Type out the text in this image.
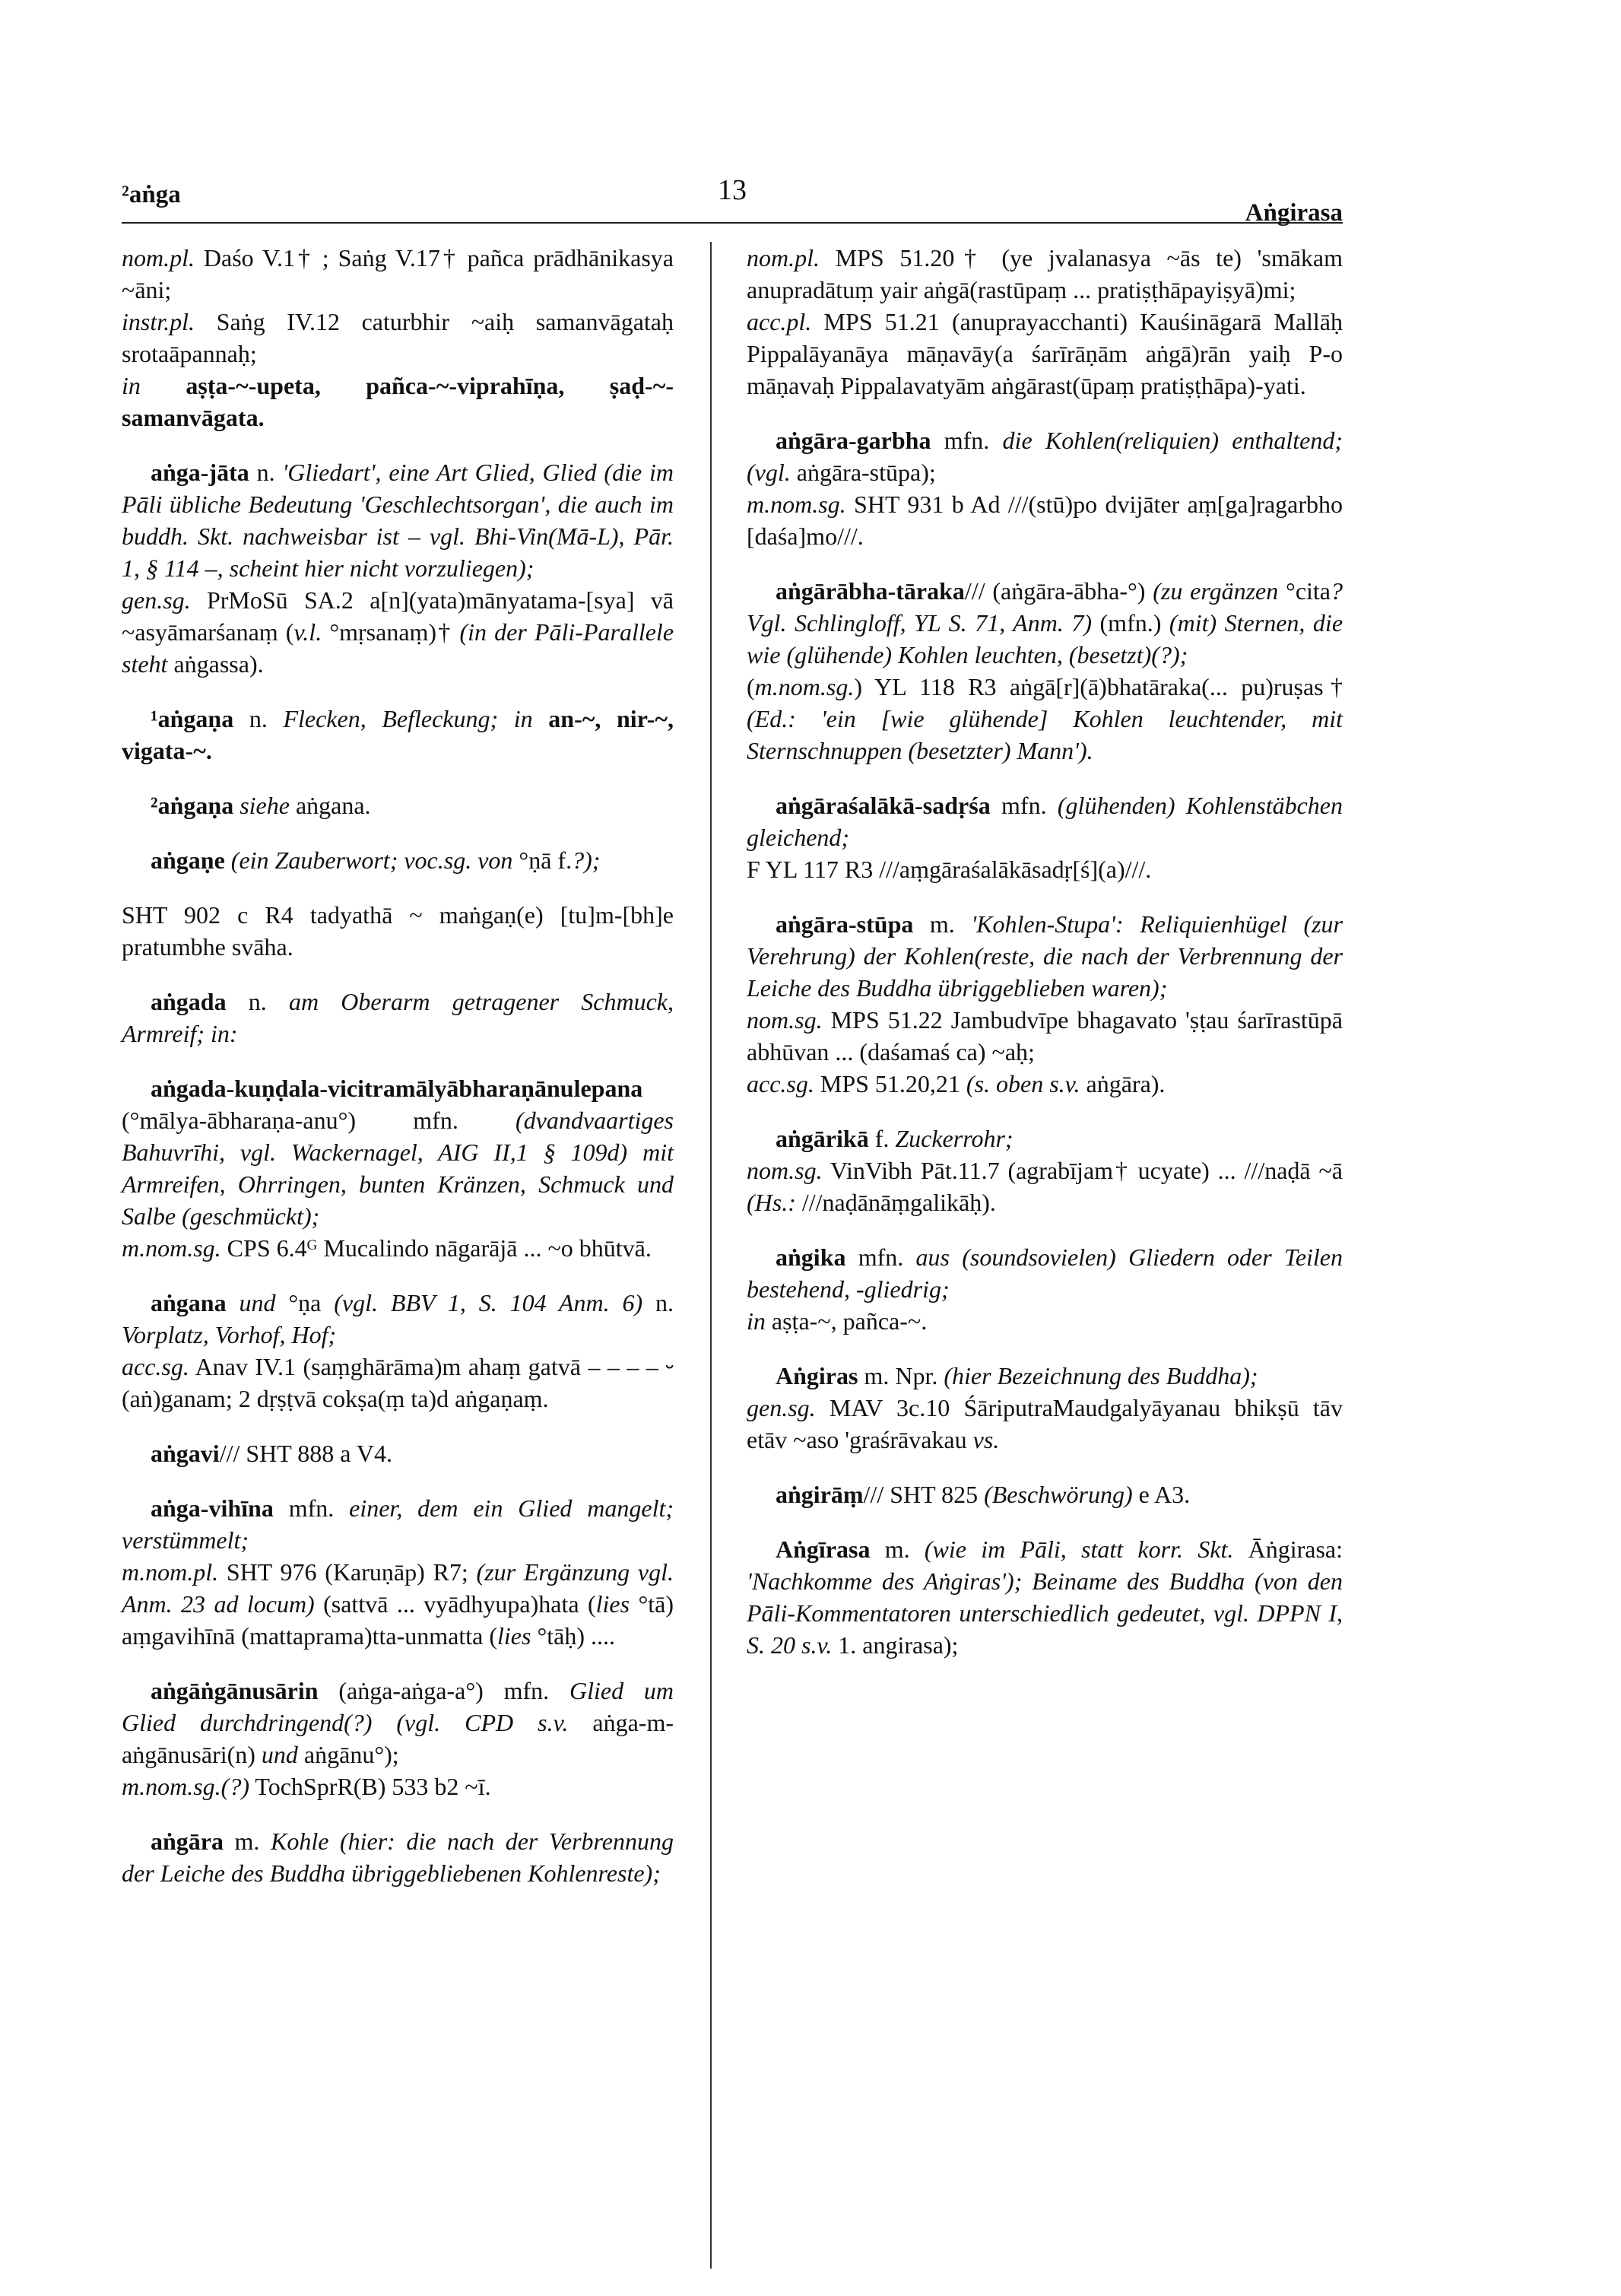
²aṅga	13
Aṅgirasa
nom.pl. Daśo V.1† ; Saṅg V.17† pañca prādhānikasya ~āni;
instr.pl. Saṅg IV.12 caturbhir ~aiḥ samanvāgataḥ srotaāpannaḥ;
in aṣṭa-~-upeta, pañca-~-viprahīṇa, ṣaḍ-~-samanvāgata.
aṅga-jāta n. 'Gliedart', eine Art Glied, Glied (die im Pāli übliche Bedeutung 'Geschlechtsorgan', die auch im buddh. Skt. nachweisbar ist – vgl. Bhi-Vin(Mā-L), Pār. 1, § 114 –, scheint hier nicht vorzuliegen);
gen.sg. PrMoSū SA.2 a[n](yata)mānyatama-[sya] vā ~asyāmarśanaṃ (v.l. °mṛsanaṃ)† (in der Pāli-Parallele steht aṅgassa).
¹aṅgaṇa n. Flecken, Befleckung; in an-~, nir-~, vigata-~.
²aṅgaṇa siehe aṅgana.
aṅgaṇe (ein Zauberwort; voc.sg. von °ṇā f.?);
SHT 902 c R4 tadyathā ~ maṅgaṇ(e) [tu]m-[bh]e pratumbhe svāha.
aṅgada n. am Oberarm getragener Schmuck, Armreif; in:
aṅgada-kuṇḍala-vicitramālyābharaṇānulepana (°mālya-ābharaṇa-anu°) mfn. (dvandvaartiges Bahuvrīhi, vgl. Wackernagel, AIG II,1 § 109d) mit Armreifen, Ohrringen, bunten Kränzen, Schmuck und Salbe (geschmückt);
m.nom.sg. CPS 6.4ᴳ Mucalindo nāgarājā ... ~o bhūtvā.
aṅgana und °ṇa (vgl. BBV 1, S. 104 Anm. 6) n. Vorplatz, Vorhof, Hof;
acc.sg. Anav IV.1 (saṃghārāma)m ahaṃ gatvā – – – – ⏑ (aṅ)ganam; 2 dṛṣṭvā cokṣa(ṃ ta)d aṅgaṇaṃ.
aṅgavi/// SHT 888 a V4.
aṅga-vihīna mfn. einer, dem ein Glied mangelt; verstümmelt;
m.nom.pl. SHT 976 (Karuṇāp) R7; (zur Ergänzung vgl. Anm. 23 ad locum) (sattvā ... vyādhyupa)hata (lies °tā) aṃgavihīnā (mattaprama)tta-unmatta (lies °tāḥ) ....
aṅgāṅgānusārin (aṅga-aṅga-a°) mfn. Glied um Glied durchdringend(?) (vgl. CPD s.v. aṅga-m-aṅgānusāri(n) und aṅgānu°);
m.nom.sg.(?) TochSprR(B) 533 b2 ~ī.
aṅgāra m. Kohle (hier: die nach der Verbrennung der Leiche des Buddha übriggebliebenen Kohlenreste);
nom.pl. MPS 51.20† (ye jvalanasya ~ās te) 'smākam anupradātuṃ yair aṅgā(rastūpaṃ ... pratiṣṭhāpayiṣyā)mi;
acc.pl. MPS 51.21 (anuprayacchanti) Kauśināgarā Mallāḥ Pippalāyanāya māṇavāy(a śarīrāṇām aṅgā)rān yaiḥ P-o māṇavaḥ Pippalavatyām aṅgārast(ūpaṃ pratiṣṭhāpa)-yati.
aṅgāra-garbha mfn. die Kohlen(reliquien) enthaltend; (vgl. aṅgāra-stūpa);
m.nom.sg. SHT 931 b Ad ///(stū)po dvijāter aṃ[ga]ragarbho [daśa]mo///.
aṅgārābha-tāraka/// (aṅgāra-ābha-°) (zu ergänzen °cita? Vgl. Schlingloff, YL S. 71, Anm. 7) (mfn.) (mit) Sternen, die wie (glühende) Kohlen leuchten, (besetzt)(?);
(m.nom.sg.) YL 118 R3 aṅgā[r](ā)bhatāraka(... pu)ruṣas† (Ed.: 'ein [wie glühende] Kohlen leuchtender, mit Sternschnuppen (besetzter) Mann').
aṅgāraśalākā-sadṛśa mfn. (glühenden) Kohlenstäbchen gleichend;
F YL 117 R3 ///aṃgāraśalākāsadṛ[ś](a)///.
aṅgāra-stūpa m. 'Kohlen-Stupa': Reliquienhügel (zur Verehrung) der Kohlen(reste, die nach der Verbrennung der Leiche des Buddha übriggeblieben waren);
nom.sg. MPS 51.22 Jambudvīpe bhagavato 'ṣṭau śarīrastūpā abhūvan ... (daśamaś ca) ~aḥ;
acc.sg. MPS 51.20,21 (s. oben s.v. aṅgāra).
aṅgārikā f. Zuckerrohr;
nom.sg. VinVibh Pāt.11.7 (agrabījam† ucyate) ... ///naḍā ~ā (Hs.: ///naḍānāṃgalikāḥ).
aṅgika mfn. aus (soundsovielen) Gliedern oder Teilen bestehend, -gliedrig;
in aṣṭa-~, pañca-~.
Aṅgiras m. Npr. (hier Bezeichnung des Buddha);
gen.sg. MAV 3c.10 ŚāriputraMaudgalyāyanau bhikṣū tāv etāv ~aso 'graśrāvakau vs.
aṅgirāṃ/// SHT 825 (Beschwörung) e A3.
Aṅgīrasa m. (wie im Pāli, statt korr. Skt. Āṅgirasa: 'Nachkomme des Aṅgiras'); Beiname des Buddha (von den Pāli-Kommentatoren unterschiedlich gedeutet, vgl. DPPN I, S. 20 s.v. 1. angirasa);
